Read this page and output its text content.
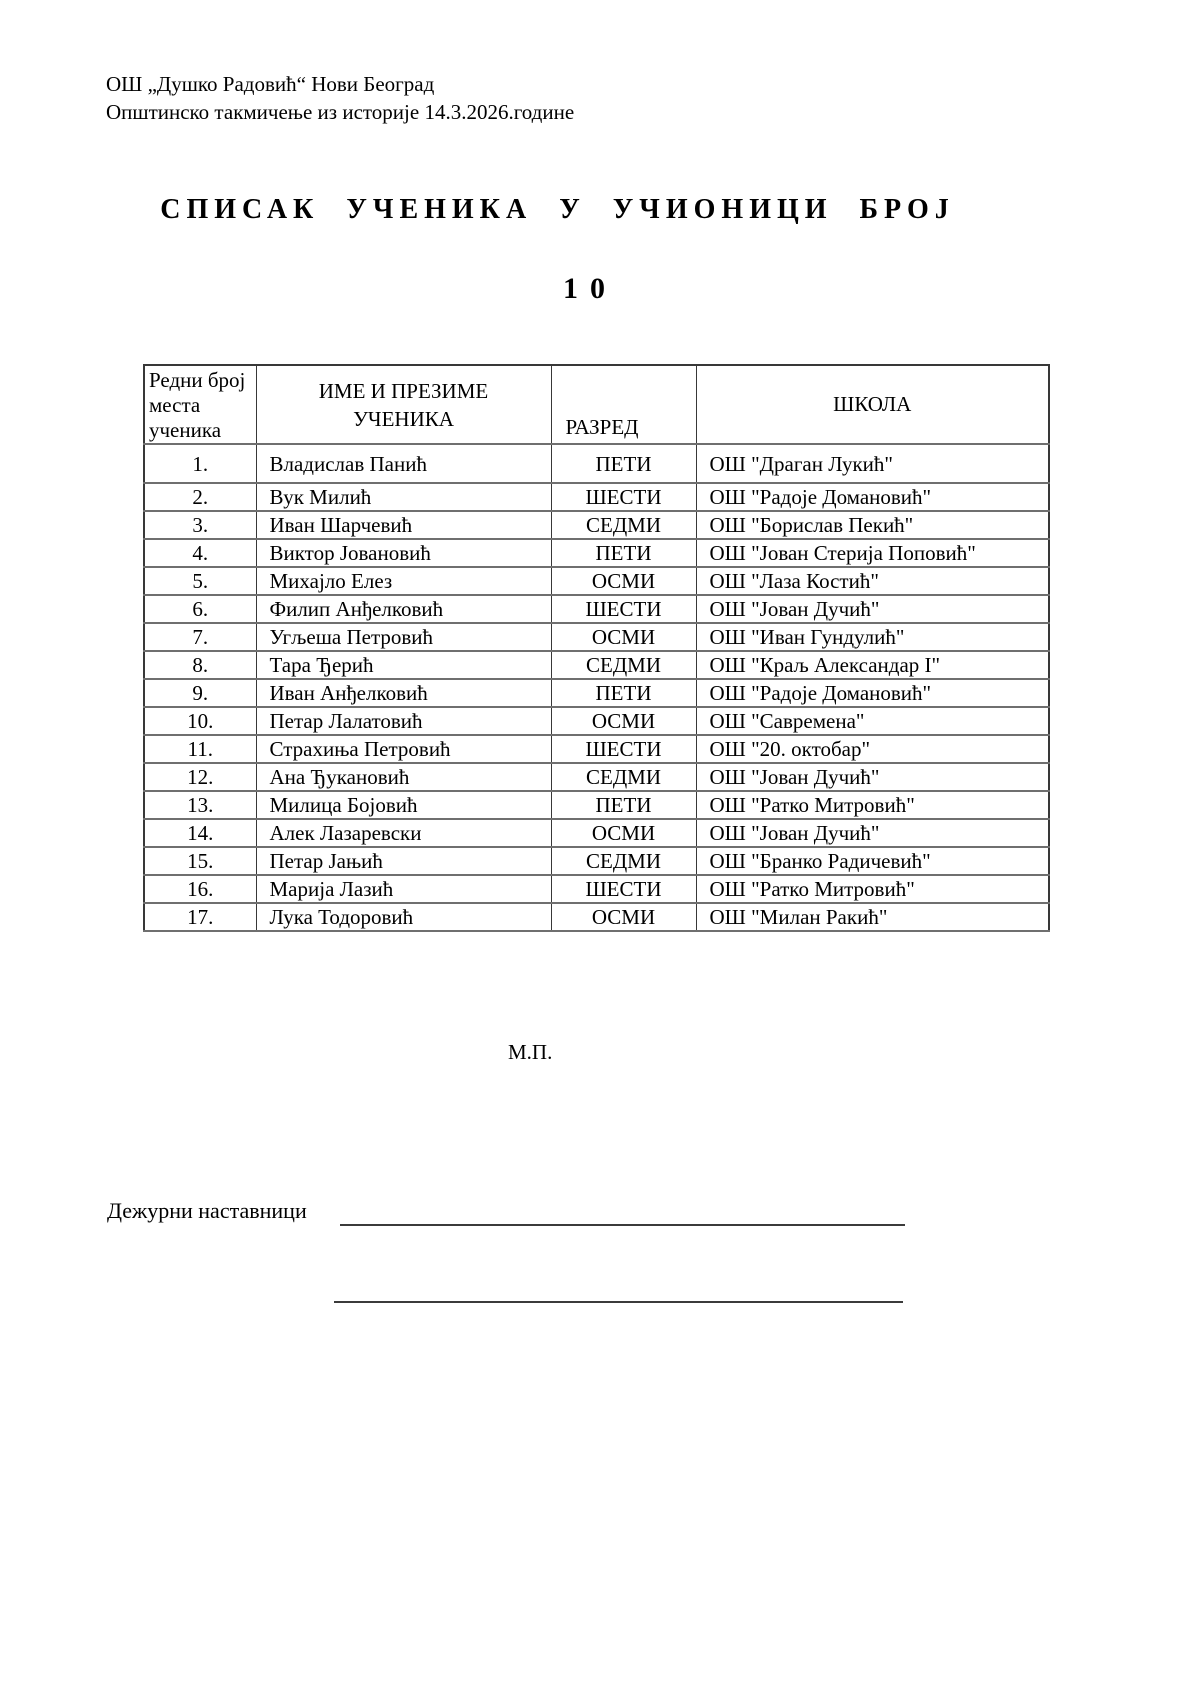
ОШ „Душко Радовић“ Нови Београд
Општинско такмичење из историје 14.3.2026.године
СПИСАК УЧЕНИКА У УЧИОНИЦИ БРОЈ
10
Редни број места ученика	ИМЕ И ПРЕЗИМЕ УЧЕНИКА	РАЗРЕД	ШКОЛА
1.	Владислав Панић	ПЕТИ	ОШ "Драган Лукић"
2.	Вук Милић	ШЕСТИ	ОШ "Радоје Домановић"
3.	Иван Шарчевић	СЕДМИ	ОШ "Борислав Пекић"
4.	Виктор Јовановић	ПЕТИ	ОШ "Јован Стерија Поповић"
5.	Михајло Елез	ОСМИ	ОШ "Лаза Костић"
6.	Филип Анђелковић	ШЕСТИ	ОШ "Јован Дучић"
7.	Угљеша Петровић	ОСМИ	ОШ "Иван Гундулић"
8.	Тара Ђерић	СЕДМИ	ОШ "Краљ Александар I"
9.	Иван Анђелковић	ПЕТИ	ОШ "Радоје Домановић"
10.	Петар Лалатовић	ОСМИ	ОШ "Савремена"
11.	Страхиња Петровић	ШЕСТИ	ОШ "20. октобар"
12.	Ана Ђукановић	СЕДМИ	ОШ "Јован Дучић"
13.	Милица Бојовић	ПЕТИ	ОШ "Ратко Митровић"
14.	Алек Лазаревски	ОСМИ	ОШ "Јован Дучић"
15.	Петар Јањић	СЕДМИ	ОШ "Бранко Радичевић"
16.	Марија Лазић	ШЕСТИ	ОШ "Ратко Митровић"
17.	Лука Тодоровић	ОСМИ	ОШ "Милан Ракић"
М.П.
Дежурни наставници
